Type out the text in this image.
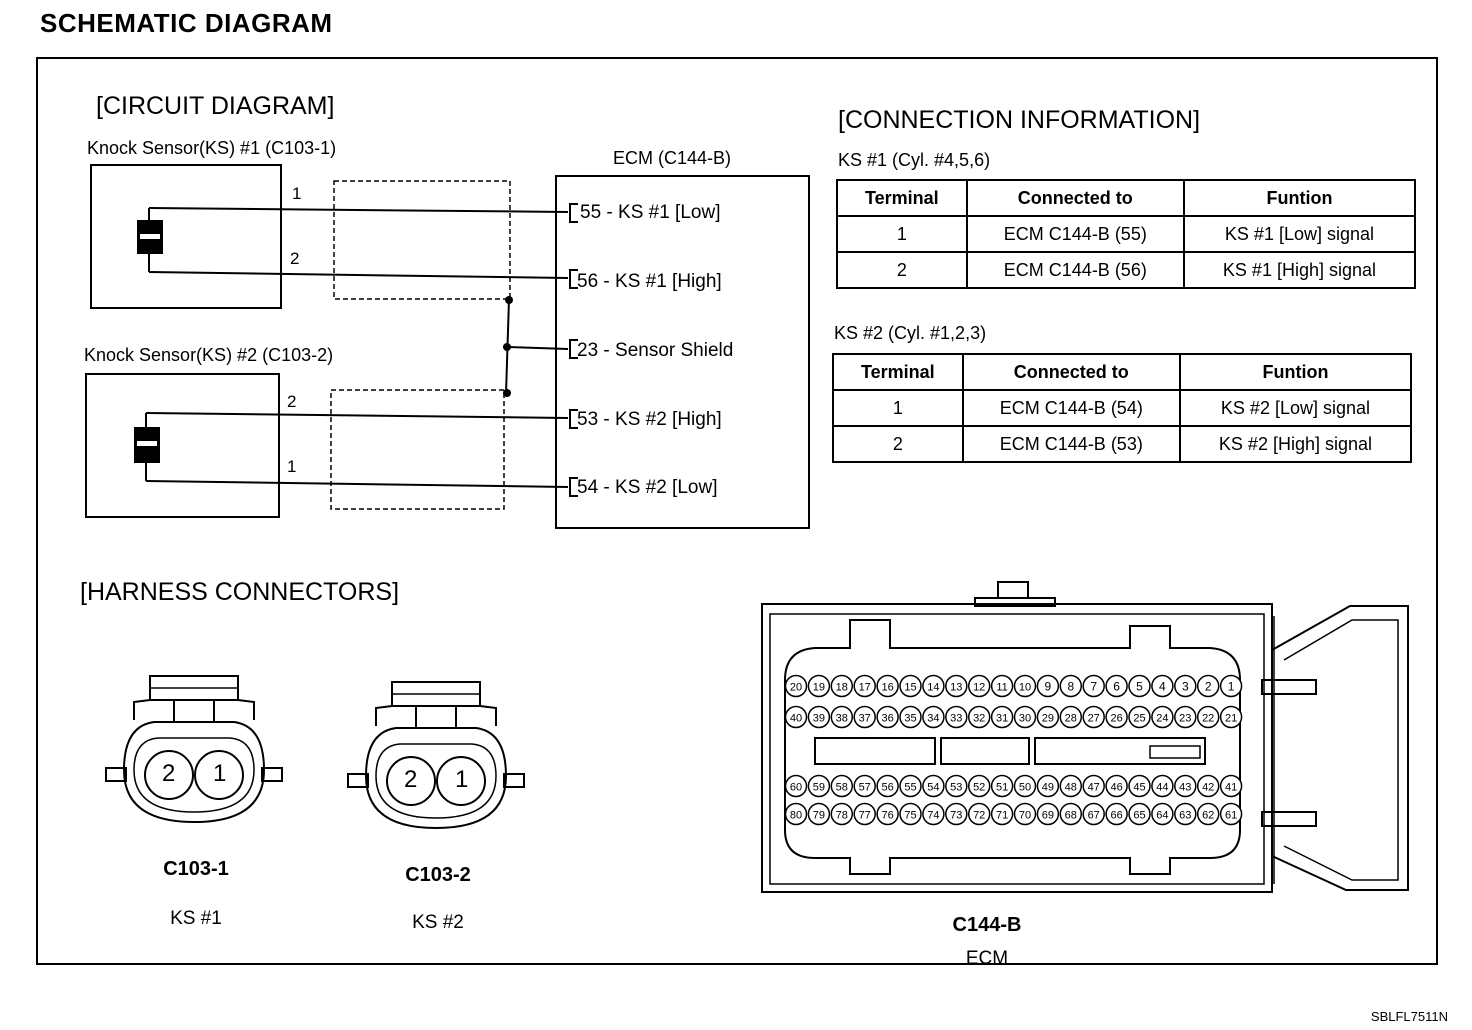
SCHEMATIC DIAGRAM
[CIRCUIT DIAGRAM]
Knock Sensor(KS) #1 (C103-1)
Knock Sensor(KS) #2 (C103-2)
ECM (C144-B)
1
2
2
1
55 - KS #1 [Low]
56 - KS #1 [High]
23 - Sensor Shield
53 - KS #2 [High]
54 - KS #2 [Low]
[CONNECTION INFORMATION]
KS #1 (Cyl. #4,5,6)
Terminal	Connected to	Funtion
1	ECM C144-B (55)	KS #1 [Low] signal
2	ECM C144-B (56)	KS #1 [High] signal
KS #2 (Cyl. #1,2,3)
Terminal	Connected to	Funtion
1	ECM C144-B (54)	KS #2 [Low] signal
2	ECM C144-B (53)	KS #2 [High] signal
[HARNESS CONNECTORS]
20 19 18 17 16 15 14 13 12 11 10 9 8 7 6 5 4 3 2 1
40 39 38 37 36 35 34 33 32 31 30 29 28 27 26 25 24 23 22 21
60 59 58 57 56 55 54 53 52 51 50 49 48 47 46 45 44 43 42 41
80 79 78 77 76 75 74 73 72 71 70 69 68 67 66 65 64 63 62 61
2 1	2 1
C103-1
KS #1
C103-2
KS #2	C144-B
ECM
SBLFL7511N
